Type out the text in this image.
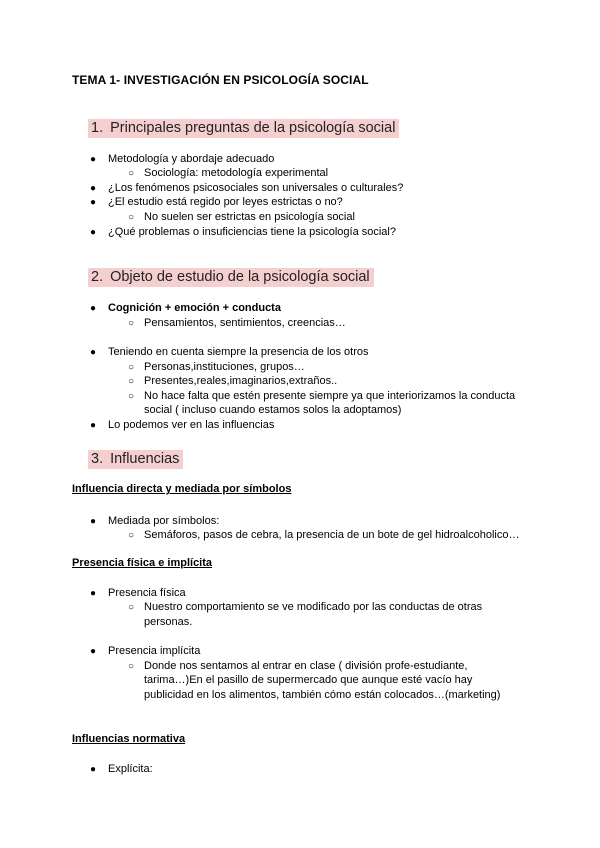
TEMA 1- INVESTIGACIÓN EN PSICOLOGÍA SOCIAL
1. Principales preguntas de la psicología social
● Metodología y abordaje adecuado
○ Sociología: metodología experimental
● ¿Los fenómenos psicosociales son universales o culturales?
● ¿El estudio está regido por leyes estrictas o no?
○ No suelen ser estrictas en psicología social
● ¿Qué problemas o insuficiencias tiene la psicología social?
2. Objeto de estudio de la psicología social
● Cognición + emoción + conducta
○ Pensamientos, sentimientos, creencias…
● Teniendo en cuenta siempre la presencia de los otros
○ Personas,instituciones, grupos…
○ Presentes,reales,imaginarios,extraños..
○ No hace falta que estén presente siempre ya que interiorizamos la conducta
social ( incluso cuando estamos solos la adoptamos)
● Lo podemos ver en las influencias
3. Influencias
Influencia directa y mediada por símbolos
● Mediada por símbolos:
○ Semáforos, pasos de cebra, la presencia de un bote de gel hidroalcoholico…
Presencia física e implícita
● Presencia física
○ Nuestro comportamiento se ve modificado por las conductas de otras
personas.
● Presencia implícita
○ Donde nos sentamos al entrar en clase ( división profe-estudiante,
tarima…)En el pasillo de supermercado que aunque esté vacío hay
publicidad en los alimentos, también cómo están colocados…(marketing)
Influencias normativa
● Explícita:
